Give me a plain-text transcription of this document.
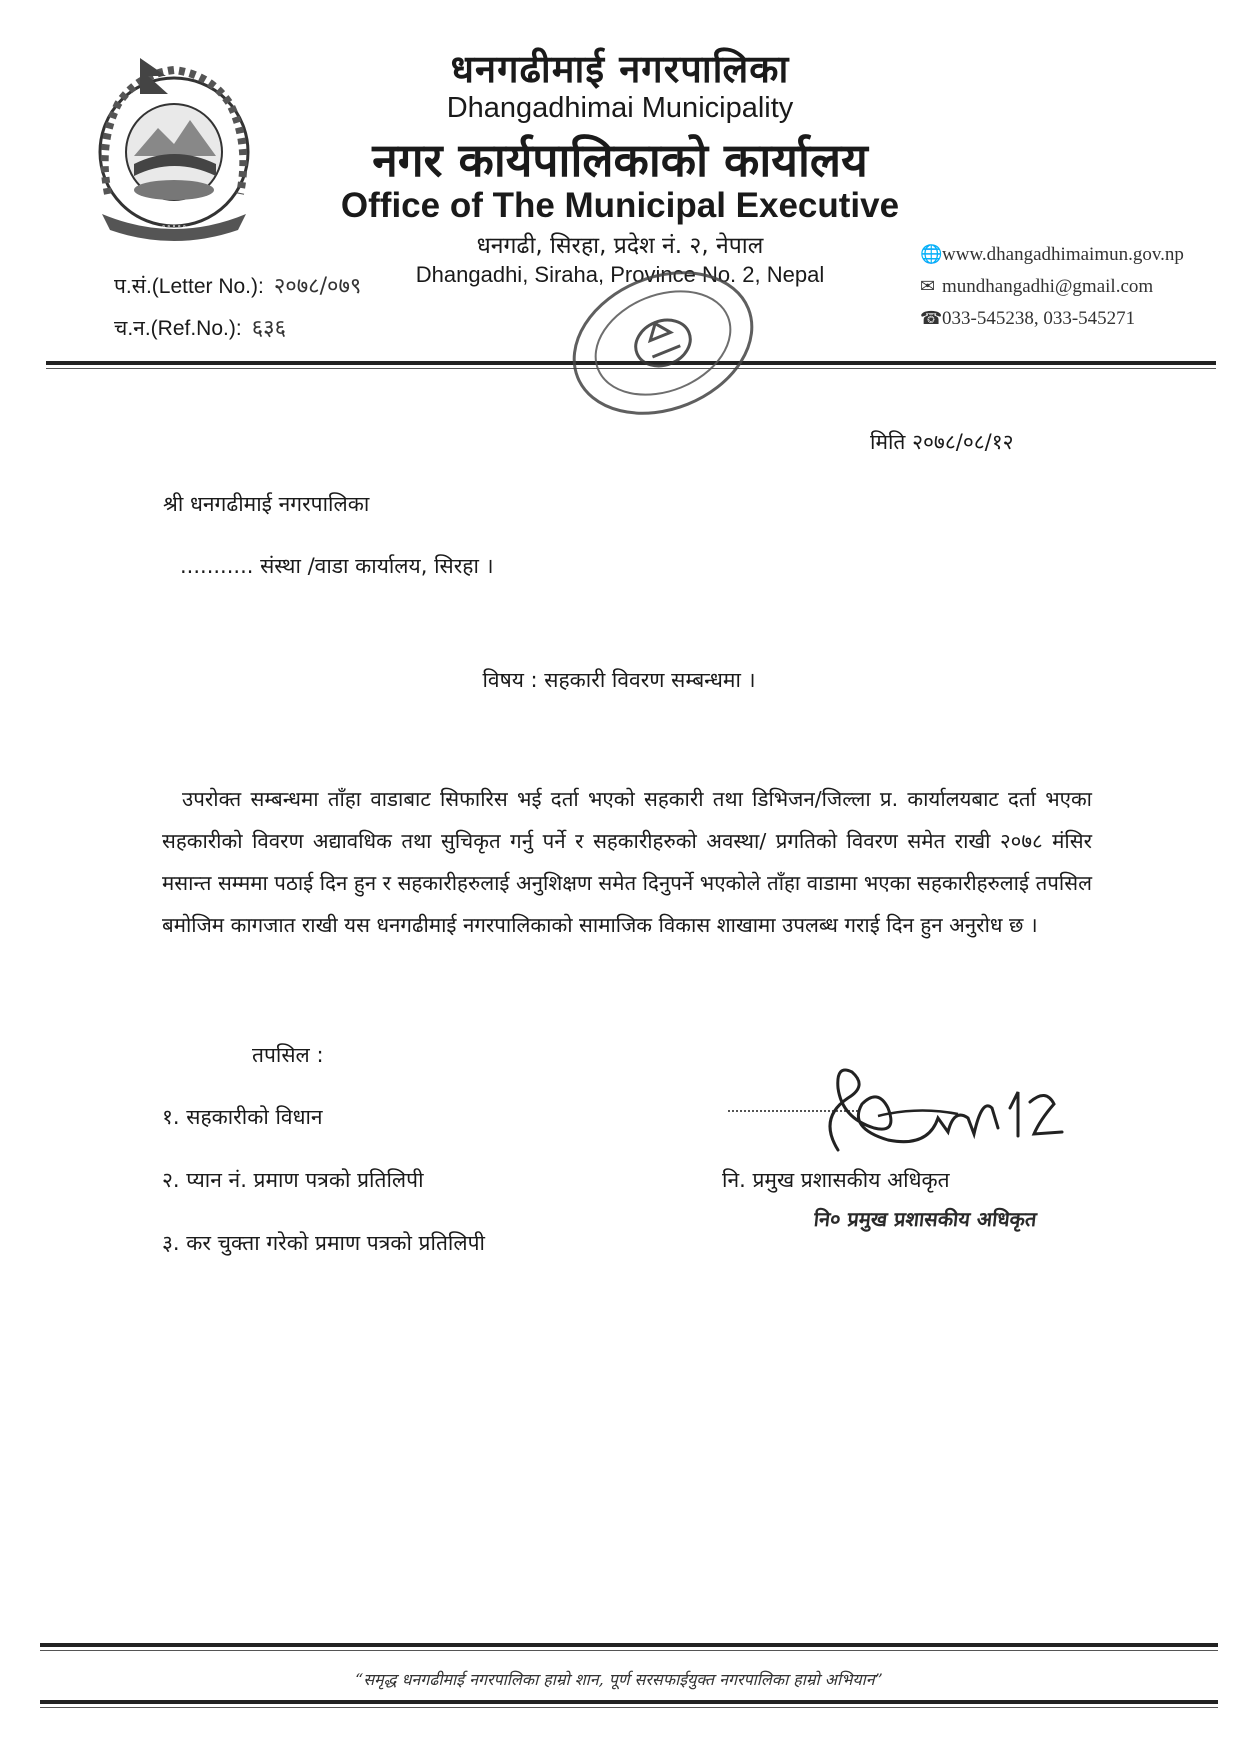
॰ ॰ ॰ ॰ ॰
धनगढीमाई नगरपालिका
Dhangadhimai Municipality
नगर कार्यपालिकाको कार्यालय
Office of The Municipal Executive
धनगढी, सिरहा, प्रदेश नं. २, नेपाल
Dhangadhi, Siraha, Province No. 2, Nepal
प.सं.(Letter No.): २०७८/०७९
च.न.(Ref.No.): ६३६
🌐www.dhangadhimaimun.gov.np
✉ mundhangadhi@gmail.com
☎033-545238, 033-545271
मिति २०७८/०८/१२
श्री धनगढीमाई नगरपालिका
........... संस्था /वाडा कार्यालय, सिरहा ।
विषय : सहकारी विवरण सम्बन्धमा ।
उपरोक्त सम्बन्धमा ताँहा वाडाबाट सिफारिस भई दर्ता भएको सहकारी तथा डिभिजन/जिल्ला प्र. कार्यालयबाट दर्ता भएका सहकारीको विवरण अद्यावधिक तथा सुचिकृत गर्नु पर्ने र सहकारीहरुको अवस्था/ प्रगतिको विवरण समेत राखी २०७८ मंसिर मसान्त सम्ममा पठाई दिन हुन र सहकारीहरुलाई अनुशिक्षण समेत दिनुपर्ने भएकोले ताँहा वाडामा भएका सहकारीहरुलाई तपसिल बमोजिम कागजात राखी यस धनगढीमाई नगरपालिकाको सामाजिक विकास शाखामा उपलब्ध गराई दिन हुन अनुरोध छ ।
तपसिल :
१. सहकारीको विधान
२. प्यान नं. प्रमाण पत्रको प्रतिलिपी
३. कर चुक्ता गरेको प्रमाण पत्रको प्रतिलिपी
नि. प्रमुख प्रशासकीय अधिकृत
नि० प्रमुख प्रशासकीय अधिकृत
“समृद्ध धनगढीमाई नगरपालिका हाम्रो शान, पूर्ण सरसफाईयुक्त नगरपालिका हाम्रो अभियान”
